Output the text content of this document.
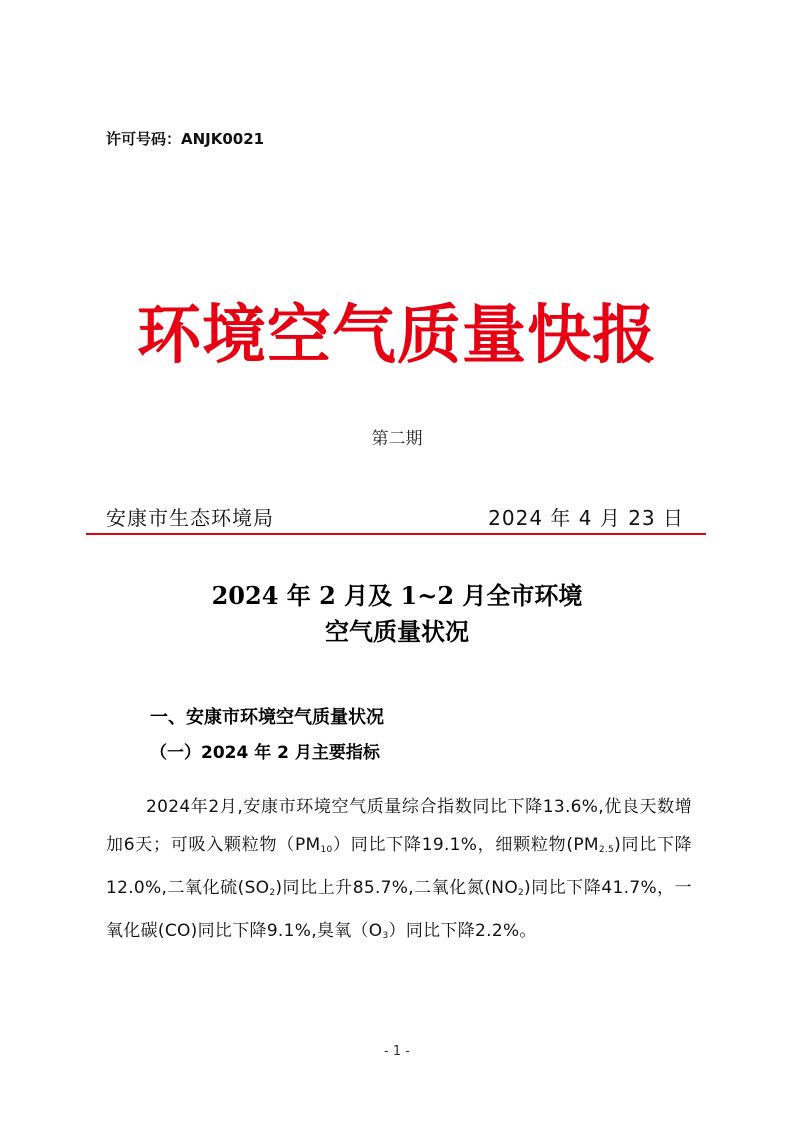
许可号码：ANJK0021
环境空气质量快报
第二期
安康市生态环境局	2024 年 4 月 23 日
2024 年 2 月及 1~2 月全市环境
空气质量状况
一、安康市环境空气质量状况
（一）2024 年 2 月主要指标

2024年2月,安康市环境空气质量综合指数同比下降13.6%,优良天数增加6天；可吸入颗粒物$(PM_{10})$同比下降19.1%，细颗粒物$(PM_{2.5})$同比下降12.0%,二氧化硫$(SO_2)$同比上升85.7%,二氧化氮$(NO_2)$同比下降41.7%，一氧化碳(CO)同比下降9.1%,臭氧$(O_3)$同比下降2.2%。

- 1 -
